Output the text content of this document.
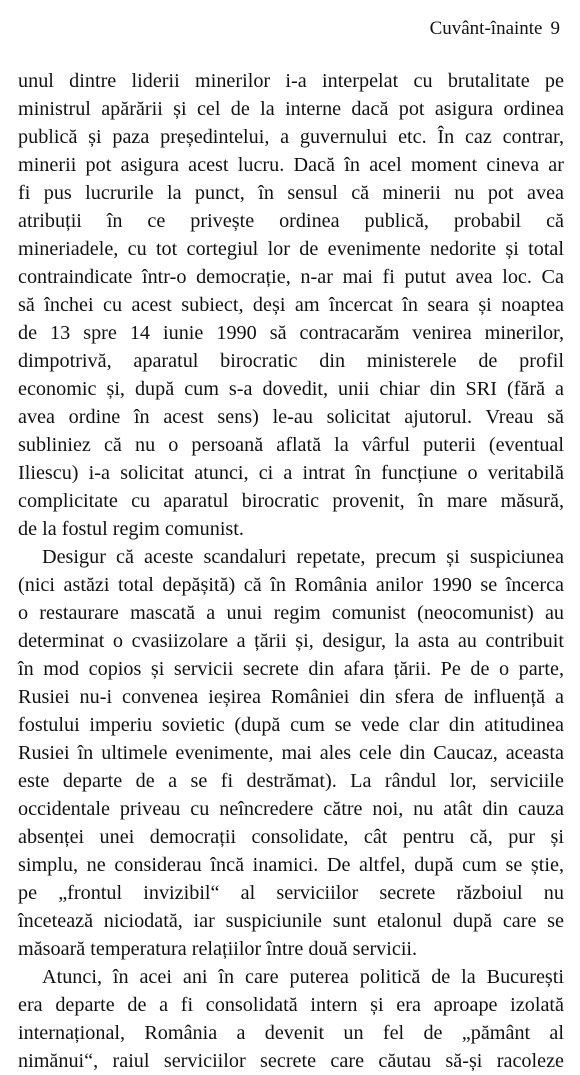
Cuvânt-înainte 9

unul dintre liderii minerilor i-a interpelat cu brutalitate pe
ministrul apărării și cel de la interne dacă pot asigura ordinea
publică și paza președintelui, a guvernului etc. În caz contrar,
minerii pot asigura acest lucru. Dacă în acel moment cineva ar
fi pus lucrurile la punct, în sensul că minerii nu pot avea
atribuții în ce privește ordinea publică, probabil că
mineriadele, cu tot cortegiul lor de evenimente nedorite și total
contraindicate într-o democrație, n-ar mai fi putut avea loc. Ca
să închei cu acest subiect, deși am încercat în seara și noaptea
de 13 spre 14 iunie 1990 să contracarăm venirea minerilor,
dimpotrivă, aparatul birocratic din ministerele de profil
economic și, după cum s-a dovedit, unii chiar din SRI (fără a
avea ordine în acest sens) le-au solicitat ajutorul. Vreau să
subliniez că nu o persoană aflată la vârful puterii (eventual
Iliescu) i-a solicitat atunci, ci a intrat în funcțiune o veritabilă
complicitate cu aparatul birocratic provenit, în mare măsură,
de la fostul regim comunist.

Desigur că aceste scandaluri repetate, precum și suspiciunea
(nici astăzi total depășită) că în România anilor 1990 se încerca
o restaurare mascată a unui regim comunist (neocomunist) au
determinat o cvasiizolare a țării și, desigur, la asta au contribuit
în mod copios și servicii secrete din afara țării. Pe de o parte,
Rusiei nu-i convenea ieșirea României din sfera de influență a
fostului imperiu sovietic (după cum se vede clar din atitudinea
Rusiei în ultimele evenimente, mai ales cele din Caucaz, aceasta
este departe de a se fi destrămat). La rândul lor, serviciile
occidentale priveau cu neîncredere către noi, nu atât din cauza
absenței unei democrații consolidate, cât pentru că, pur și
simplu, ne considerau încă inamici. De altfel, după cum se știe,
pe „frontul invizibil“ al serviciilor secrete războiul nu
încetează niciodată, iar suspiciunile sunt etalonul după care se
măsoară temperatura relațiilor între două servicii.

Atunci, în acei ani în care puterea politică de la București
era departe de a fi consolidată intern și era aproape izolată
internațional, România a devenit un fel de „pământ al
nimănui“, raiul serviciilor secrete care căutau să-și racoleze
